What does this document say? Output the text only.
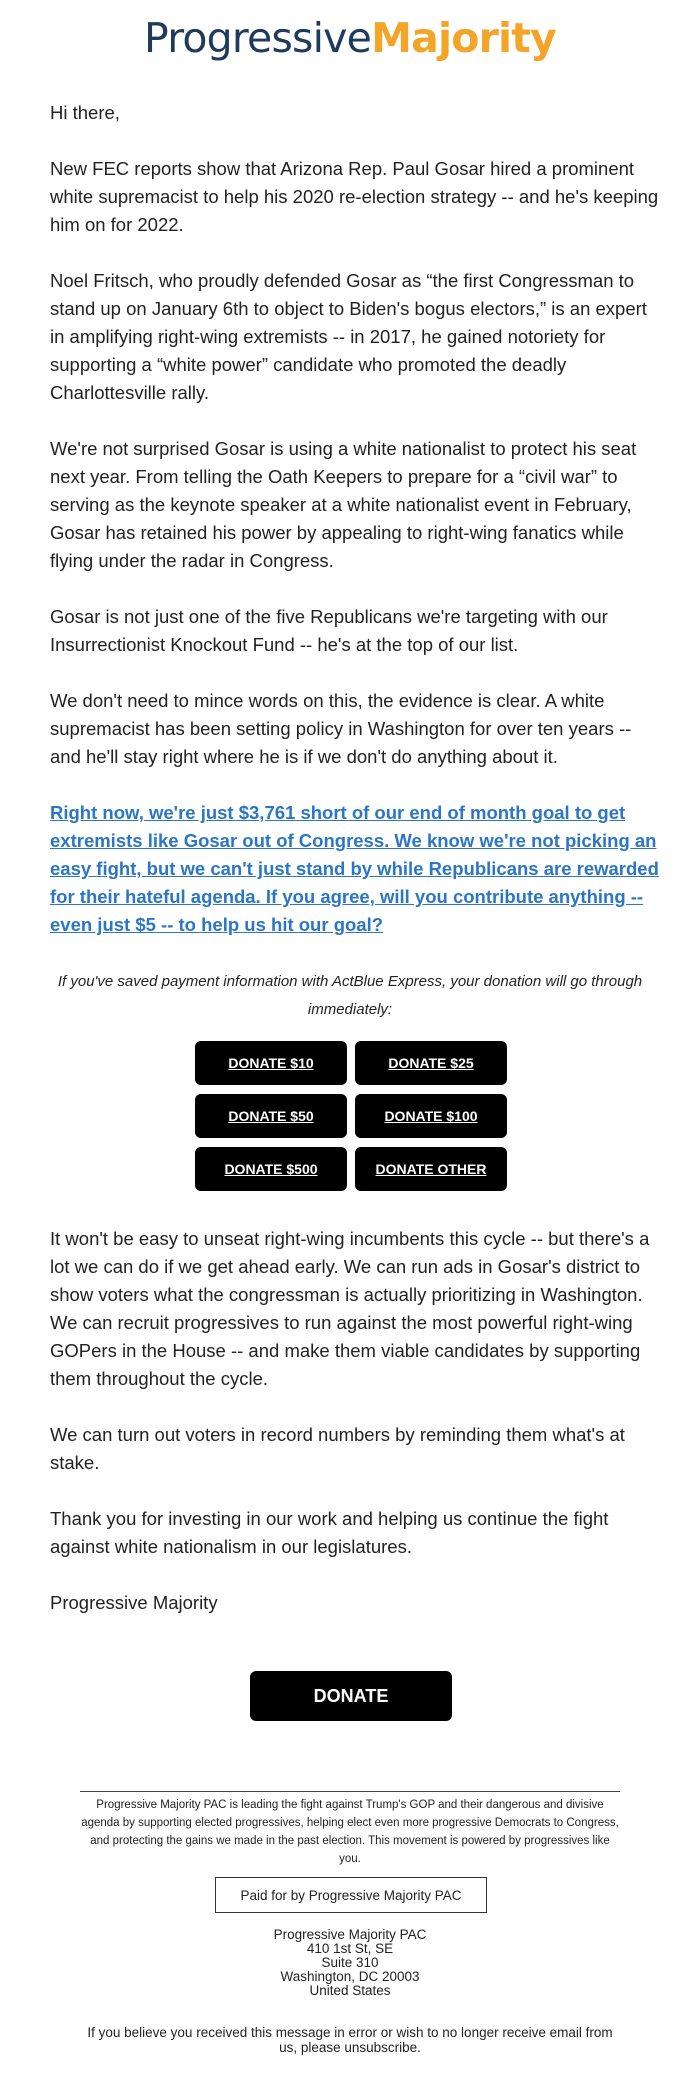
ProgressiveMajority
Hi there,
New FEC reports show that Arizona Rep. Paul Gosar hired a prominent white supremacist to help his 2020 re-election strategy -- and he's keeping him on for 2022.
Noel Fritsch, who proudly defended Gosar as “the first Congressman to stand up on January 6th to object to Biden's bogus electors,” is an expert in amplifying right-wing extremists -- in 2017, he gained notoriety for supporting a “white power” candidate who promoted the deadly Charlottesville rally.
We're not surprised Gosar is using a white nationalist to protect his seat next year. From telling the Oath Keepers to prepare for a “civil war” to serving as the keynote speaker at a white nationalist event in February, Gosar has retained his power by appealing to right-wing fanatics while flying under the radar in Congress.
Gosar is not just one of the five Republicans we're targeting with our Insurrectionist Knockout Fund -- he's at the top of our list.
We don't need to mince words on this, the evidence is clear. A white supremacist has been setting policy in Washington for over ten years -- and he'll stay right where he is if we don't do anything about it.
Right now, we're just $3,761 short of our end of month goal to get extremists like Gosar out of Congress. We know we're not picking an easy fight, but we can't just stand by while Republicans are rewarded for their hateful agenda. If you agree, will you contribute anything -- even just $5 -- to help us hit our goal?
If you've saved payment information with ActBlue Express, your donation will go through immediately:
DONATE $10	DONATE $25
DONATE $50	DONATE $100
DONATE $500	DONATE OTHER
It won't be easy to unseat right-wing incumbents this cycle -- but there's a lot we can do if we get ahead early. We can run ads in Gosar's district to show voters what the congressman is actually prioritizing in Washington. We can recruit progressives to run against the most powerful right-wing GOPers in the House -- and make them viable candidates by supporting them throughout the cycle.
We can turn out voters in record numbers by reminding them what's at stake.
Thank you for investing in our work and helping us continue the fight against white nationalism in our legislatures.
Progressive Majority
DONATE
Progressive Majority PAC is leading the fight against Trump's GOP and their dangerous and divisive agenda by supporting elected progressives, helping elect even more progressive Democrats to Congress, and protecting the gains we made in the past election. This movement is powered by progressives like you.
Paid for by Progressive Majority PAC
Progressive Majority PAC
410 1st St, SE
Suite 310
Washington, DC 20003
United States
If you believe you received this message in error or wish to no longer receive email from us, please unsubscribe.
